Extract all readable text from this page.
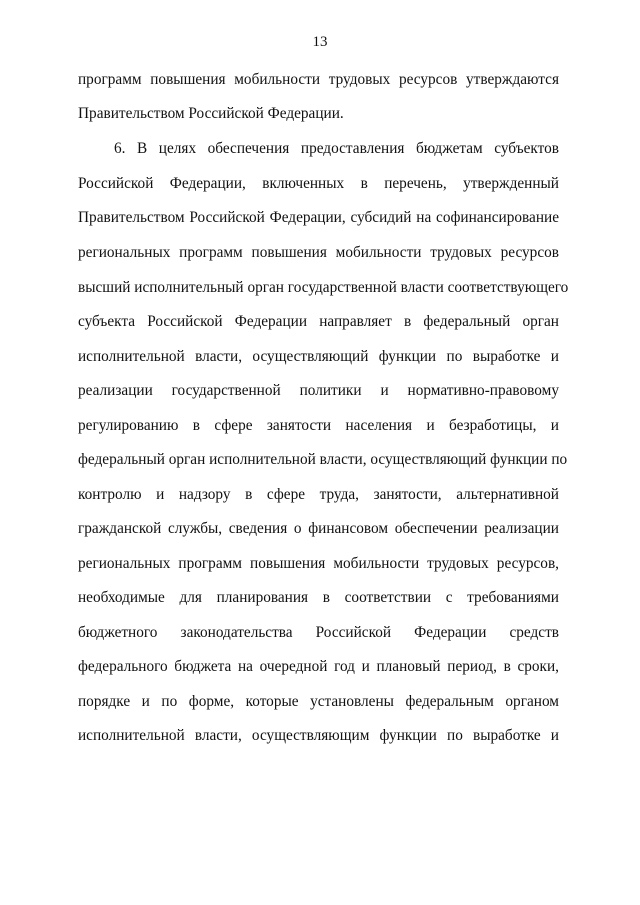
13
программ повышения мобильности трудовых ресурсов утверждаются
Правительством Российской Федерации.
6. В целях обеспечения предоставления бюджетам субъектов
Российской Федерации, включенных в перечень, утвержденный
Правительством Российской Федерации, субсидий на софинансирование
региональных программ повышения мобильности трудовых ресурсов
высший исполнительный орган государственной власти соответствующего
субъекта Российской Федерации направляет в федеральный орган
исполнительной власти, осуществляющий функции по выработке и
реализации государственной политики и нормативно-правовому
регулированию в сфере занятости населения и безработицы, и
федеральный орган исполнительной власти, осуществляющий функции по
контролю и надзору в сфере труда, занятости, альтернативной
гражданской службы, сведения о финансовом обеспечении реализации
региональных программ повышения мобильности трудовых ресурсов,
необходимые для планирования в соответствии с требованиями
бюджетного законодательства Российской Федерации средств
федерального бюджета на очередной год и плановый период, в сроки,
порядке и по форме, которые установлены федеральным органом
исполнительной власти, осуществляющим функции по выработке и
